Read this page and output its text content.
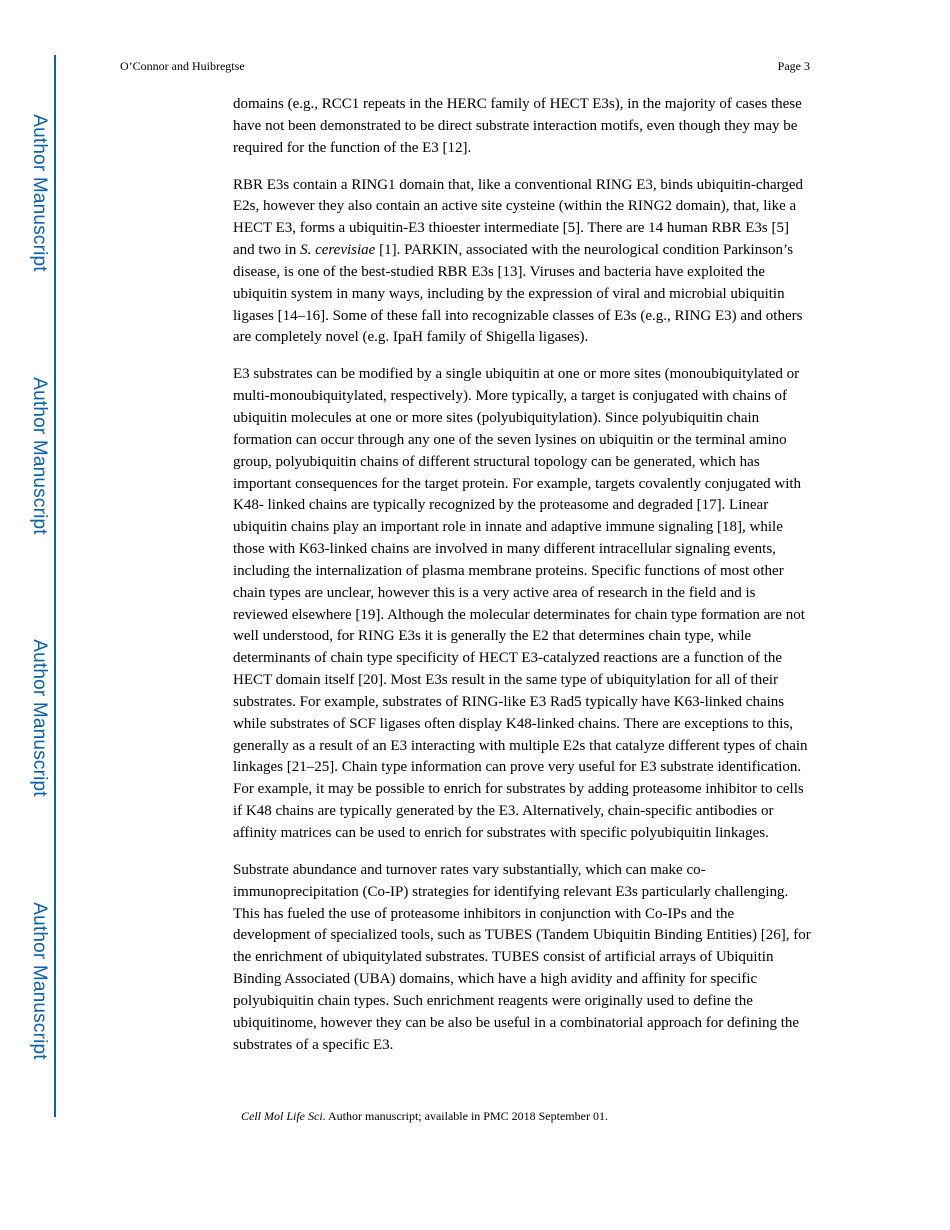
Author Manuscript
Author Manuscript
Author Manuscript
Author Manuscript
O’Connor and Huibregtse	Page 3

domains (e.g., RCC1 repeats in the HERC family of HECT E3s), in the majority of cases these have not been demonstrated to be direct substrate interaction motifs, even though they may be required for the function of the E3 [12].

RBR E3s contain a RING1 domain that, like a conventional RING E3, binds ubiquitin-charged E2s, however they also contain an active site cysteine (within the RING2 domain), that, like a HECT E3, forms a ubiquitin-E3 thioester intermediate [5]. There are 14 human RBR E3s [5] and two in S. cerevisiae [1]. PARKIN, associated with the neurological condition Parkinson’s disease, is one of the best-studied RBR E3s [13]. Viruses and bacteria have exploited the ubiquitin system in many ways, including by the expression of viral and microbial ubiquitin ligases [14–16]. Some of these fall into recognizable classes of E3s (e.g., RING E3) and others are completely novel (e.g. IpaH family of Shigella ligases).

E3 substrates can be modified by a single ubiquitin at one or more sites (monoubiquitylated or multi-monoubiquitylated, respectively). More typically, a target is conjugated with chains of ubiquitin molecules at one or more sites (polyubiquitylation). Since polyubiquitin chain formation can occur through any one of the seven lysines on ubiquitin or the terminal amino group, polyubiquitin chains of different structural topology can be generated, which has important consequences for the target protein. For example, targets covalently conjugated with K48- linked chains are typically recognized by the proteasome and degraded [17]. Linear ubiquitin chains play an important role in innate and adaptive immune signaling [18], while those with K63-linked chains are involved in many different intracellular signaling events, including the internalization of plasma membrane proteins. Specific functions of most other chain types are unclear, however this is a very active area of research in the field and is reviewed elsewhere [19]. Although the molecular determinates for chain type formation are not well understood, for RING E3s it is generally the E2 that determines chain type, while determinants of chain type specificity of HECT E3-catalyzed reactions are a function of the HECT domain itself [20]. Most E3s result in the same type of ubiquitylation for all of their substrates. For example, substrates of RING-like E3 Rad5 typically have K63-linked chains while substrates of SCF ligases often display K48-linked chains. There are exceptions to this, generally as a result of an E3 interacting with multiple E2s that catalyze different types of chain linkages [21–25]. Chain type information can prove very useful for E3 substrate identification. For example, it may be possible to enrich for substrates by adding proteasome inhibitor to cells if K48 chains are typically generated by the E3. Alternatively, chain-specific antibodies or affinity matrices can be used to enrich for substrates with specific polyubiquitin linkages.

Substrate abundance and turnover rates vary substantially, which can make co-immunoprecipitation (Co-IP) strategies for identifying relevant E3s particularly challenging. This has fueled the use of proteasome inhibitors in conjunction with Co-IPs and the development of specialized tools, such as TUBES (Tandem Ubiquitin Binding Entities) [26], for the enrichment of ubiquitylated substrates. TUBES consist of artificial arrays of Ubiquitin Binding Associated (UBA) domains, which have a high avidity and affinity for specific polyubiquitin chain types. Such enrichment reagents were originally used to define the ubiquitinome, however they can be also be useful in a combinatorial approach for defining the substrates of a specific E3.

Cell Mol Life Sci. Author manuscript; available in PMC 2018 September 01.
